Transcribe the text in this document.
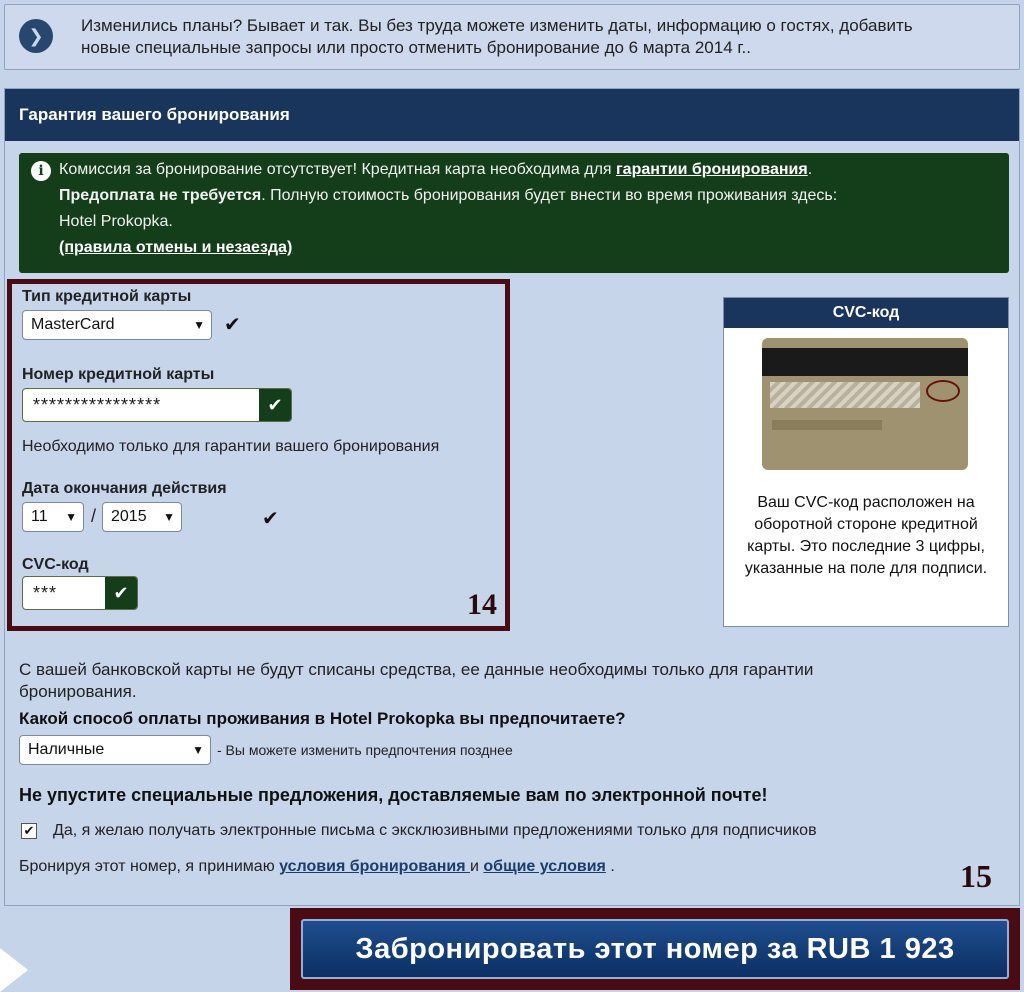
❯	Изменились планы? Бывает и так. Вы без труда можете изменить даты, информацию о гостях, добавить
новые специальные запросы или просто отменить бронирование до 6 марта 2014 г..
Гарантия вашего бронирования
i Комиссия за бронирование отсутствует! Кредитная карта необходима для гарантии бронирования.
Предоплата не требуется. Полную стоимость бронирования будет внести во время проживания здесь:
Hotel Prokopka.
(правила отмены и незаезда)
Тип кредитной карты
MasterCard	▼ ✔
Номер кредитной карты
****************	✔
Необходимо только для гарантии вашего бронирования
Дата окончания действия
11 ▼ / 2015 ▼	✔
CVC-код
***	✔	14
CVC-код
Ваш CVC-код расположен на оборотной стороне кредитной карты. Это последние 3 цифры, указанные на поле для подписи.
С вашей банковской карты не будут списаны средства, ее данные необходимы только для гарантии
бронирования.
Какой способ оплаты проживания в Hotel Prokopka вы предпочитаете?
Наличные	▼ - Вы можете изменить предпочтения позднее
Не упустите специальные предложения, доставляемые вам по электронной почте!
✔ Да, я желаю получать электронные письма с эксклюзивными предложениями только для подписчиков
Бронируя этот номер, я принимаю условия бронирования и общие условия .	15
Забронировать этот номер за RUB 1 923
